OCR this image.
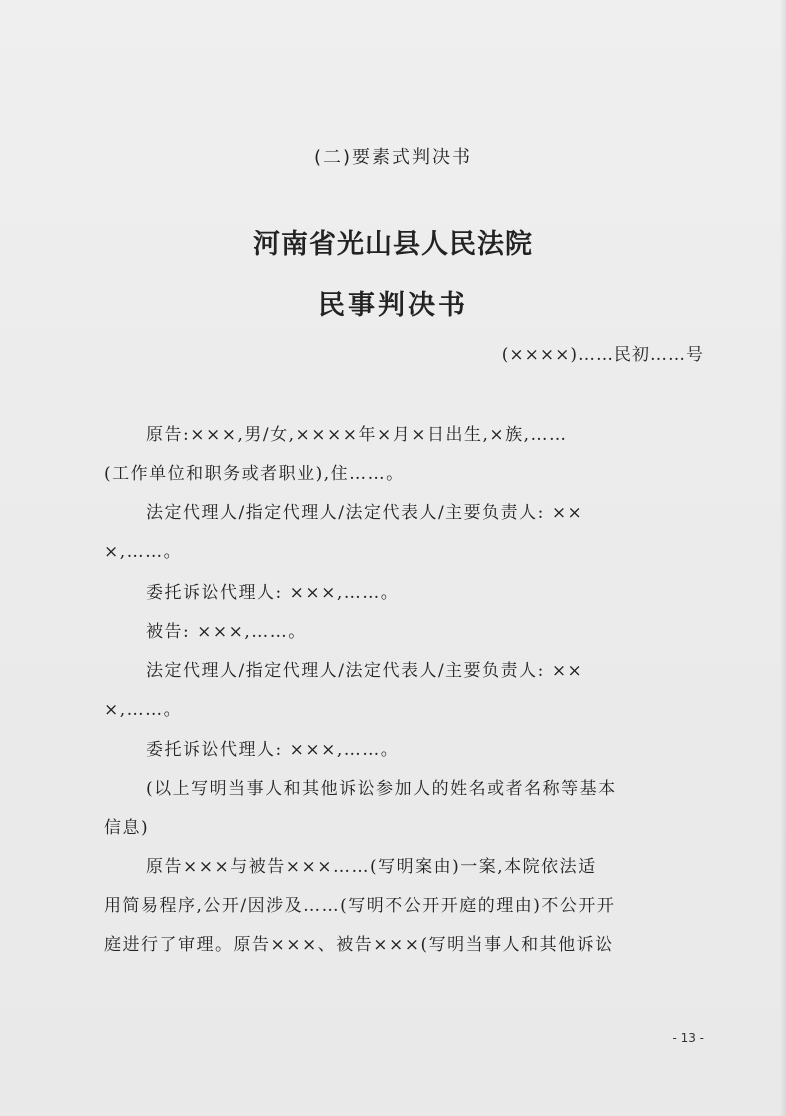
(二)要素式判决书
河南省光山县人民法院
民事判决书
(××××)……民初……号
原告:×××,男/女,××××年×月×日出生,×族,……
(工作单位和职务或者职业),住……。
法定代理人/指定代理人/法定代表人/主要负责人: ××
×,……。
委托诉讼代理人: ×××,……。
被告: ×××,……。
法定代理人/指定代理人/法定代表人/主要负责人: ××
×,……。
委托诉讼代理人: ×××,……。
(以上写明当事人和其他诉讼参加人的姓名或者名称等基本
信息)
原告×××与被告×××……(写明案由)一案,本院依法适
用简易程序,公开/因涉及……(写明不公开开庭的理由)不公开开
庭进行了审理。原告×××、被告×××(写明当事人和其他诉讼
- 13 -
